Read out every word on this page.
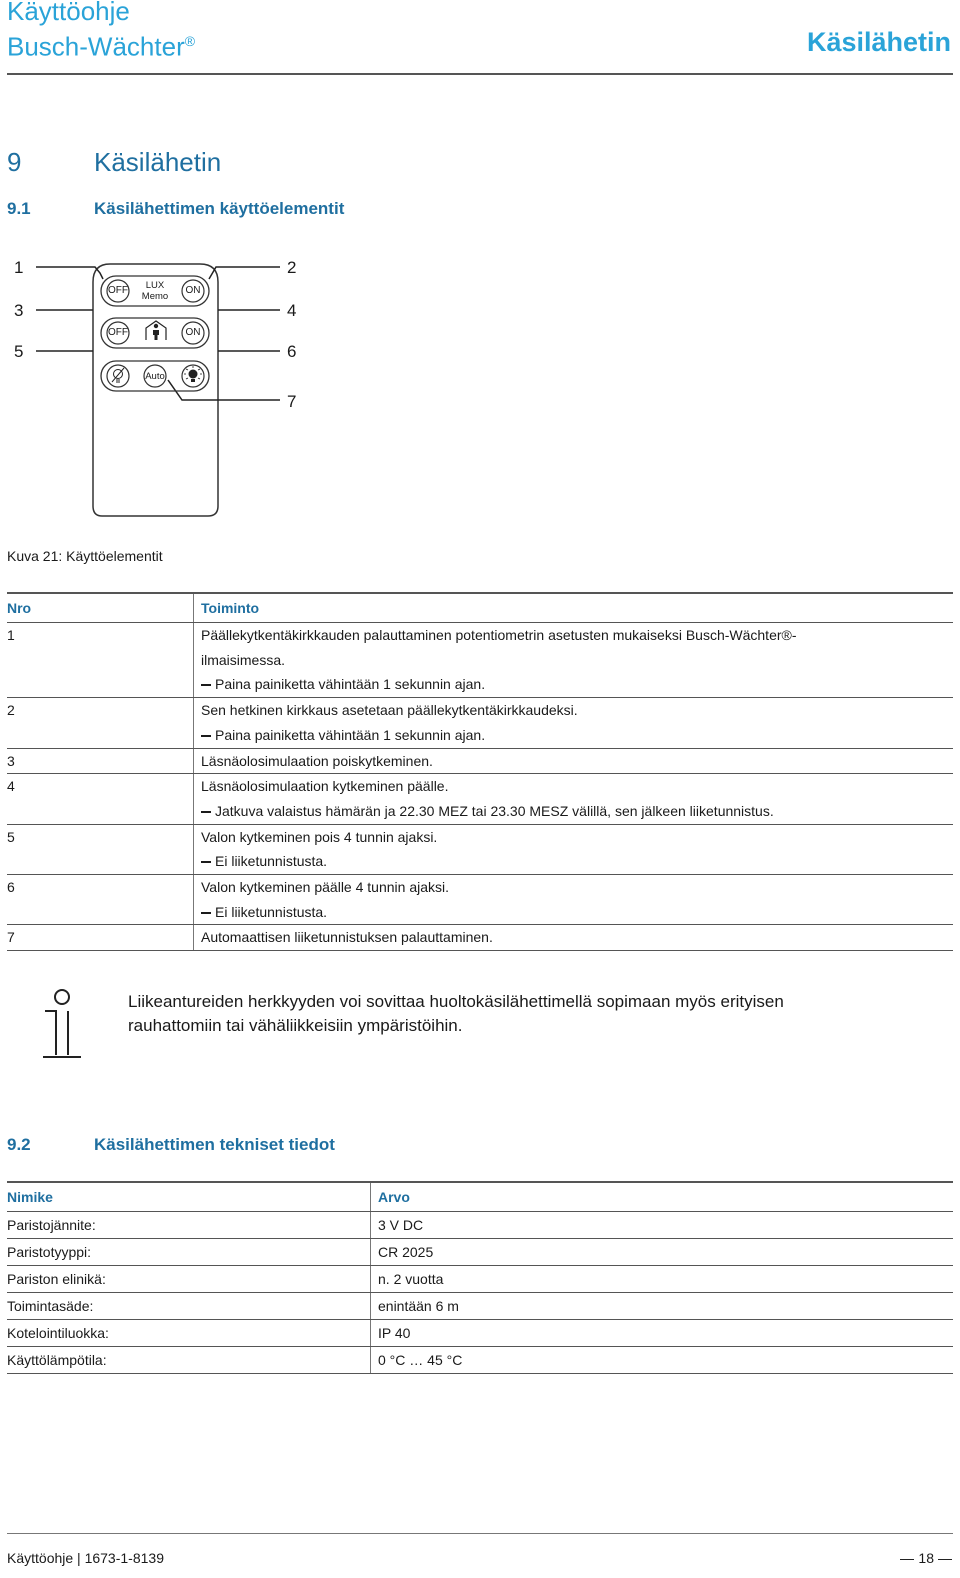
Käyttöohje
Busch-Wächter®	Käsilähetin
9	Käsilähetin
9.1	Käsilähettimen käyttöelementit
1	2
3	4
5	6
7
OFF	LUX
Memo
ON
OFF	ON
Auto
Kuva 21: Käyttöelementit
Nro	Toiminto
1	Päällekytkentäkirkkauden palauttaminen potentiometrin asetusten mukaiseksi Busch-Wächter®-
ilmaisimessa.
Paina painiketta vähintään 1 sekunnin ajan.

2	Sen hetkinen kirkkaus asetetaan päällekytkentäkirkkaudeksi.
Paina painiketta vähintään 1 sekunnin ajan.

3	Läsnäolosimulaation poiskytkeminen.

4	Läsnäolosimulaation kytkeminen päälle.
Jatkuva valaistus hämärän ja 22.30 MEZ tai 23.30 MESZ välillä, sen jälkeen liiketunnistus.

5	Valon kytkeminen pois 4 tunnin ajaksi.
Ei liiketunnistusta.

6	Valon kytkeminen päälle 4 tunnin ajaksi.
Ei liiketunnistusta.

7	Automaattisen liiketunnistuksen palauttaminen.
Liikeantureiden herkkyyden voi sovittaa huoltokäsilähettimellä sopimaan myös erityisen
rauhattomiin tai vähäliikkeisiin ympäristöihin.
9.2	Käsilähettimen tekniset tiedot
Nimike	Arvo
Paristojännite:	3 V DC
Paristotyyppi:	CR 2025
Pariston elinikä:	n. 2 vuotta
Toimintasäde:	enintään 6 m
Kotelointiluokka:	IP 40
Käyttölämpötila:	0 °C … 45 °C
Käyttöohje | 1673-1-8139	18
